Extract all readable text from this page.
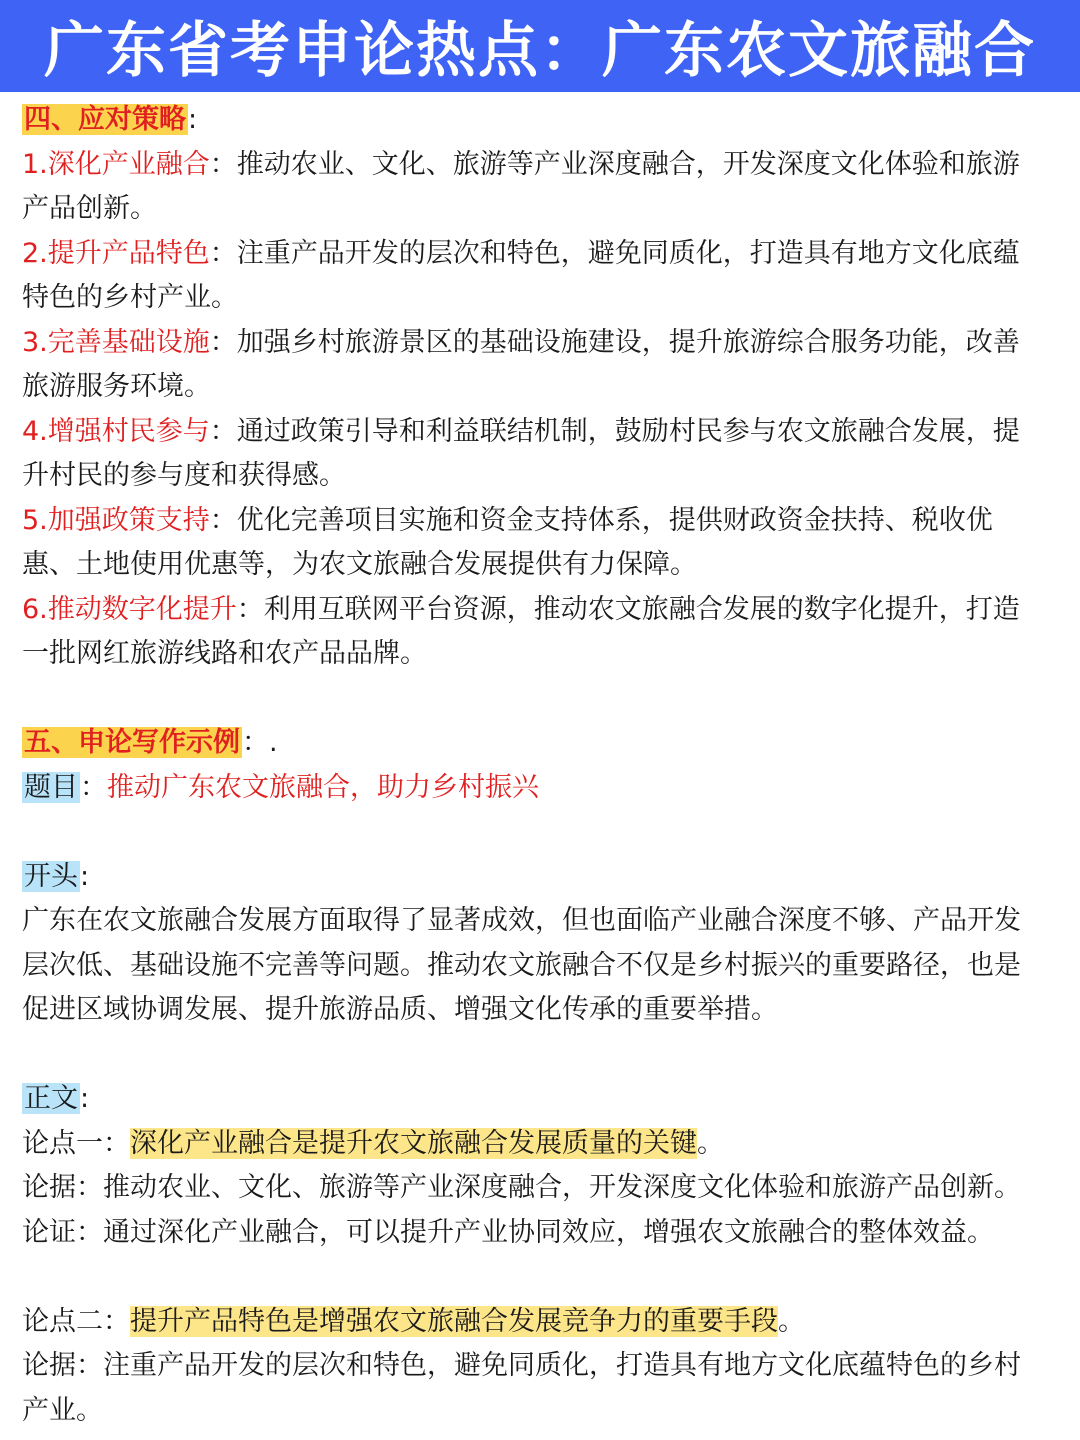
广东省考申论热点：广东农文旅融合
四、应对策略:
1.深化产业融合：推动农业、文化、旅游等产业深度融合，开发深度文化体验和旅游
产品创新。
2.提升产品特色：注重产品开发的层次和特色，避免同质化，打造具有地方文化底蕴
特色的乡村产业。
3.完善基础设施：加强乡村旅游景区的基础设施建设，提升旅游综合服务功能，改善
旅游服务环境。
4.增强村民参与：通过政策引导和利益联结机制，鼓励村民参与农文旅融合发展，提
升村民的参与度和获得感。
5.加强政策支持：优化完善项目实施和资金支持体系，提供财政资金扶持、税收优
惠、土地使用优惠等，为农文旅融合发展提供有力保障。
6.推动数字化提升：利用互联网平台资源，推动农文旅融合发展的数字化提升，打造
一批网红旅游线路和农产品品牌。
五、申论写作示例：.
题目：推动广东农文旅融合，助力乡村振兴
开头:
广东在农文旅融合发展方面取得了显著成效，但也面临产业融合深度不够、产品开发
层次低、基础设施不完善等问题。推动农文旅融合不仅是乡村振兴的重要路径，也是
促进区域协调发展、提升旅游品质、增强文化传承的重要举措。
正文:
论点一：深化产业融合是提升农文旅融合发展质量的关键。
论据：推动农业、文化、旅游等产业深度融合，开发深度文化体验和旅游产品创新。
论证：通过深化产业融合，可以提升产业协同效应，增强农文旅融合的整体效益。
论点二：提升产品特色是增强农文旅融合发展竞争力的重要手段。
论据：注重产品开发的层次和特色，避免同质化，打造具有地方文化底蕴特色的乡村
产业。
